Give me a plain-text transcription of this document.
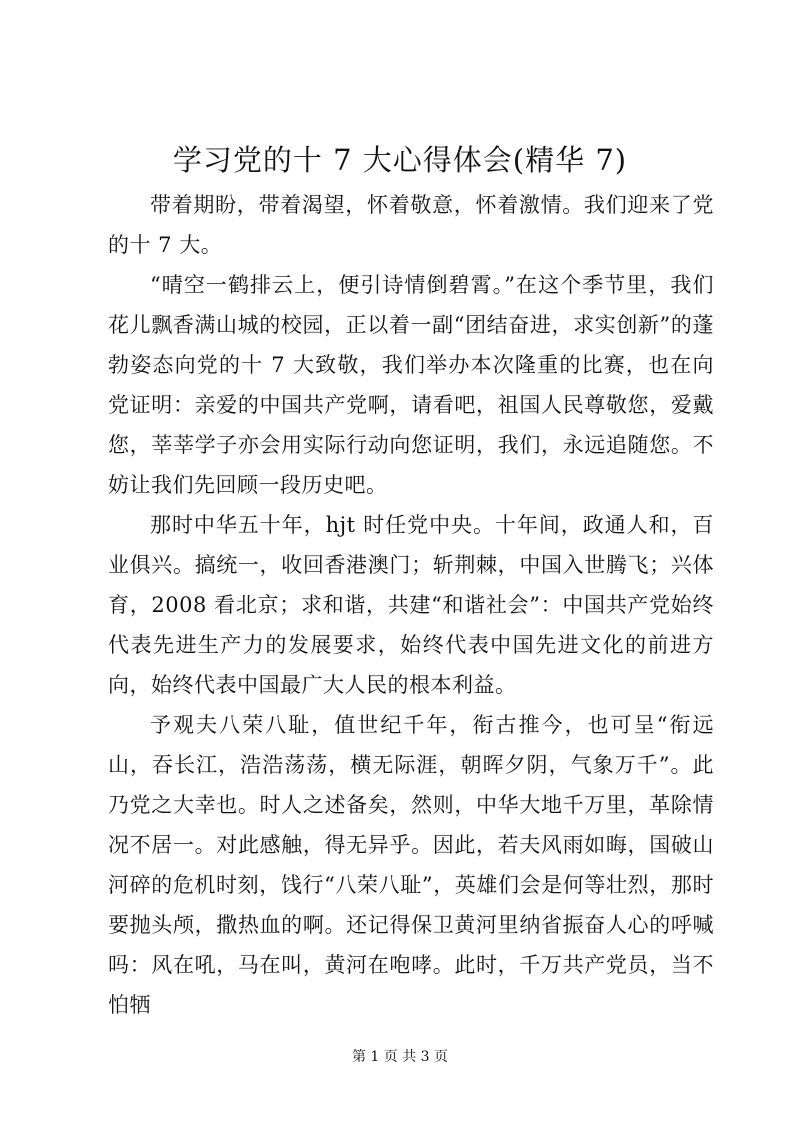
学习党的十 7 大心得体会(精华 7)

带着期盼，带着渴望，怀着敬意，怀着激情。我们迎来了党的十 7 大。

“晴空一鹤排云上，便引诗情倒碧霄。”在这个季节里，我们花儿飘香满山城的校园，正以着一副“团结奋进，求实创新”的蓬勃姿态向党的十 7 大致敬，我们举办本次隆重的比赛，也在向党证明：亲爱的中国共产党啊，请看吧，祖国人民尊敬您，爱戴您，莘莘学子亦会用实际行动向您证明，我们，永远追随您。不妨让我们先回顾一段历史吧。

那时中华五十年，hjt 时任党中央。十年间，政通人和，百业俱兴。搞统一，收回香港澳门；斩荆棘，中国入世腾飞；兴体育，2008 看北京；求和谐，共建“和谐社会”：中国共产党始终代表先进生产力的发展要求，始终代表中国先进文化的前进方向，始终代表中国最广大人民的根本利益。

予观夫八荣八耻，值世纪千年，衔古推今，也可呈“衔远山，吞长江，浩浩荡荡，横无际涯，朝晖夕阴，气象万千”。此乃党之大幸也。时人之述备矣，然则，中华大地千万里，革除情况不居一。对此感触，得无异乎。因此，若夫风雨如晦，国破山河碎的危机时刻，饯行“八荣八耻”，英雄们会是何等壮烈，那时要抛头颅，撒热血的啊。还记得保卫黄河里纳省振奋人心的呼喊吗：风在吼，马在叫，黄河在咆哮。此时，千万共产党员，当不怕牺

第 1 页 共 3 页
